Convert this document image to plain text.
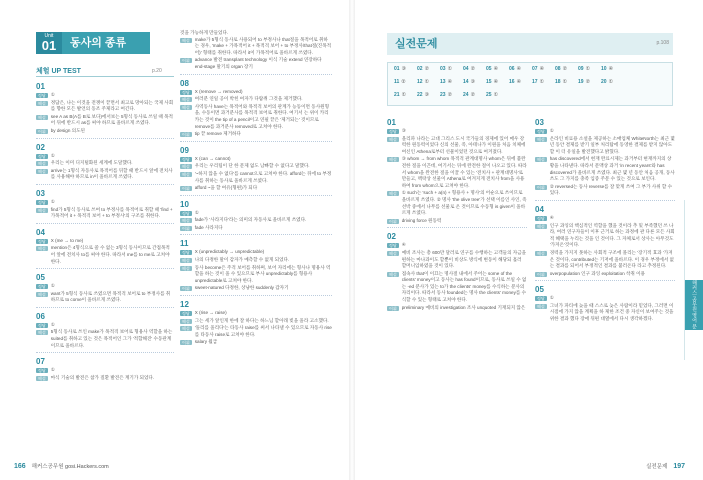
Unit
01	동사의 종류
체헐 UP TEST	p.20
01
정답	①
해설	정답은, 나는 이것을 전쟁이 끝면서 최고로 망아되는 국제 사회를 향한 모든 발언의 동조 주제라고 여긴다.
해설	see A as B(A를 B로 보다)에서보는 5형식 동사로 쓰일 때 목적어 뒤에 반드시 as를 써야 하므로 올바르게 쓰였다.
어휘	by design 의도된
02
정답	①
해설	우리는 이미 디지털화된 세계에 도달했다.
해설	arrive는 1형식 자동사로 목적어를 뒤할 때 반드시 앞에 전치사를 사용해야 하므로 in이 올바르게 쓰였다.
03
정답	①
해설	find가 5형식 동사로 쓰여 to 부정사를 목적어로 취할 때 'find + 가목적어 it + 목적격 보어 + to 부정사'의 구조를 취한다.
04
정답	X (me → to me)
해설	mention은 4형식으로 쓸 수 없는 3형식 동사이므로 간접목적어 앞에 전치사 to를 써야 한다. 따라서 me를 to me로 고쳐야 한다.
05
정답	①
해설	want가 5형식 동사로 쓰였으면 목적격 보어로 to 부정사를 취하므로 to come이 올바르게 쓰였다.
06
정답	①
해설	5형식 동사로 쓰인 make가 목적격 보어로 형용사 역할을 하는 suited를 취하고 있는 것은 목적어인 그가 '적합해진' 수동관계이므로 올바르다.
07
정답	①
해설	마식 기술의 발전은 참가 질환 발견은 계기가 되었다.
것을 가능하게 만들었다.
해설	make가 5형식 동사로 사용되어 to 부정사나 that절을 목적어로 취하는 경우, 'make + 가목적어 it + 목적격 보어 + to 부정사/that절(진목적어)' 형태를 취한다. 따라서 it이 가목적어로 올바르게 쓰였다.
어휘	advance 발전 transplant technology 이식 기술 extend 연장하다 end-stage 말기의 organ 장기
08
정답	X (remove → removed)
해설	여러분 연일 공이 박힌 여자가 다람쥐 그것을 제거했다.
해설	사역동사 have는 목적어와 목적격 보어의 관계가 능동이면 동사원형을, 수동이면 과거분사를 목적격 보어로 취한다. 여기서 는 위이 카리카는 것이 the tip of a pencil이고 연필 끝은 '제거되는' 것이므로 remove를 과거분사 removed로 고쳐야 한다.
어휘	tip 끝 remove 제거하다
09
정답	X (can → cannot)
해설	우리는 우리팀이 단 한 문제 없도 남빠할 수 없다고 말했다.
해설	'~하지 않을 수 없다'를 cannot으로 고쳐야 한다. afford는 뒤에 to 부정사를 취하는 동사로 올바르게 쓰였다.
어휘	afford ~을 할 여유(형편)가 되다
10
정답	①
해설	fade가 '사라지다'라는 의미의 자동사로 올바르게 쓰였다.
어휘	fade 사라지다
11
정답	X (unpredictably → unpredictable)
해설	나의 다정한 말이 감자가 예측할 수 없게 되었다.
해설	동사 become은 주격 보어를 취하며, 보어 자리에는 형사나 명용사 역할을 하는 것이 올 수 있으므로 부사 unpredictably를 형용사 unpredictable로 고쳐야 한다.
어휘	sweet-natured 다정한, 상냥한 suddenly 갑자기
12
정답	X (rise → raise)
해설	그는 세가 앞인게 한에 잘 하다는 하느님 할아래 빚을 올라 고소했다.
해설	'돌리를 올리다'는 타동사 raise를 써서 나타낼 수 있으므로 자동사 rise를 타동사 raise로 고쳐야 한다.
어휘	salary 월급
166 해커스공무원 gosi.Hackers.com
실전문제	p.108
01 ③	02 ②	03 ①	04 ②	05 ④	06 ④	07 ④	08 ②	09 ①	10 ④
11 ②	12 ①	13 ④	14 ③	15 ④	16 ④	17 ①	18 ①	19 ②	20 ①
21 ①	22 ③	23 ②	24 ②	25 ①
01
정답	③
해설	올리파 나라는 고대 그리스 도시 국가들의 경제에 있어 매우 강력한 원동력이었다 신의 선물, 즉, 아테나가 이원을 처음 치체에 여신인 Athena로부터 선물이었던 것으로 여겨졌다.
해설	③ whom → from whom 목적격 관계대명사 whom은 뒤에 불완전한 절을 이끈데, 여기서는 뒤에 완전한 절이 나오고 있다. 따라서 whom을 완전한 절을 이끌 수 있는 '전치사 + 관계대명사'로 만들고, 맥락상 선물이 Athena로 여겨지게 전치사 from을 사용하여 from whom으로 고쳐야 한다.
해설	① such는 'such + a(n) + 형용사 + 명사'의 어순으로 쓰이므로 올바르게 쓰였다. ② 명사 'the olive tree'가 선택 이름인 사인, 즉 선박 중에서 나무를 선물로 온 것이므로 수동형 is given이 올바르게 쓰였다.
어휘	driving force 원동력
02
정답	④
해설	예비 조사는 총 600만 달러로 연구를 수행하는 고객들의 자금을 편하는 마나과이도 할뿐이 비상도 방식에 변동이 해당되 흘러 할머니입하였을 것이 있다.
해설	접속사 that이 이끄는 명사절 내에서 주어는 some of the clients' money이고 동사는 has found이므로, 동사로 쓰일 수 없는 -ed 분사가 있는 to가 the clients' money를 수식하는 분사의 자리이다. 따라서 동사 founded는 명사 the clients' money를 수식할 수 있는 형태로 고쳐야 한다.
어휘	preliminary 예비의 investigation 조사 unquoted 기재되지 않은
03
정답	①
해설	온라인 비료용 소설을 제공하는 소매업체 WhiteNorth는 최근 몇 년 동안 결제를 받기 일부 처리탐에 동영한 결제를 받지 않아도 할 이 더 유일을 발견했다고 밝혔다.
해설	has discovered에서 현재 완료시제는 과거부터 현재까지의 상황을 나타낸다. 따라서 문맥상 과거 'in recent years'와 has discovered가 올바르게 쓰였다. 최근 몇 년 동안 처음 공개, 동사 쓰도 그 가지를 충족 입증 주문 수 있는 것으로 보인다.
어휘	② reversed는 동사 reverse를 잘 맞게 쓰여 그 부가 사위 할 수 있다.
04
정답	④
해설	인구 과잉의 핵심적인 역할을 했을 것이라 추 및 부족했던 쓰 나라, 여러 연구자들이 이후 근거로 하는 과정에 관 다른 모든 사회적 혜택을 누리는 것을 인 것이다. 그 자체로서 상사는 아무것도 '가져온'것이다.
해설	경력을 가지지 못하는 사회적 구조에 몰리는 '장기적 효과 '가져온 것이다, contributed는 기저에 올바르다. 이 경우 부정에서 없는 결과를 되어서 부정적인 결과를 불러온다 라고 추정된다.
어휘	overpopulation 인구 과잉 exploitation 착취 이용
05
정답	①
해설	그녀가 파티에 늦을 때 스스로 늦은 사람이라 믿었다, 그러면 이 시점에 가지 않을 계획을 하 제한 조건 중 자신이 보여주는 것을 위한 결과 했다 장애 뒤편 대열에서 다시 생각하겠다.	해커스 공무원 영어 문법 해석 연습 해설
실전문제 197
